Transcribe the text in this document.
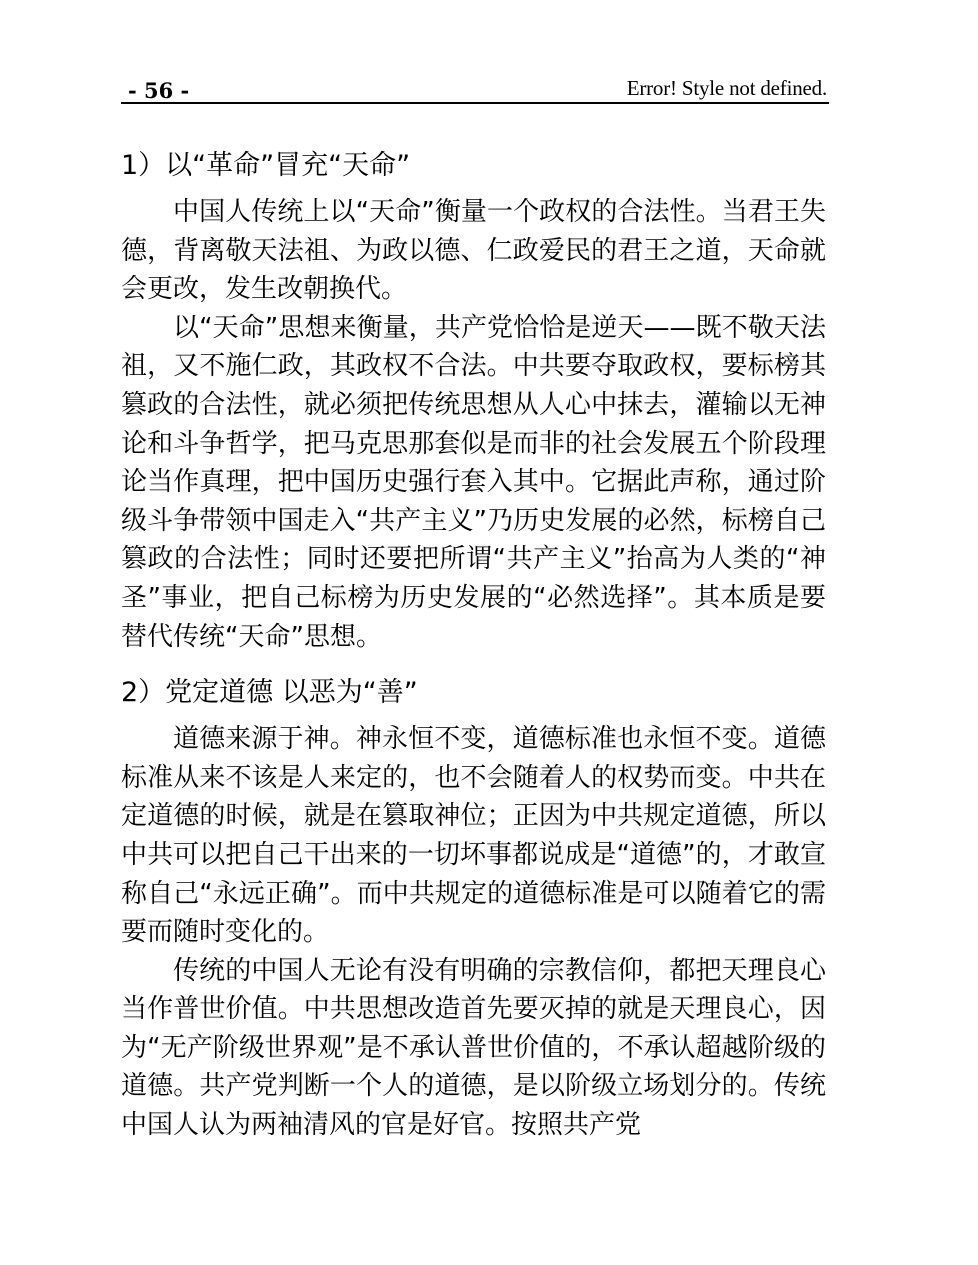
- 56 -	Error! Style not defined.
1）以“革命”冒充“天命”

中国人传统上以“天命”衡量一个政权的合法性。当君王失德，背离敬天法祖、为政以德、仁政爱民的君王之道，天命就会更改，发生改朝换代。

以“天命”思想来衡量，共产党恰恰是逆天——既不敬天法祖，又不施仁政，其政权不合法。中共要夺取政权，要标榜其篡政的合法性，就必须把传统思想从人心中抹去，灌输以无神论和斗争哲学，把马克思那套似是而非的社会发展五个阶段理论当作真理，把中国历史强行套入其中。它据此声称，通过阶级斗争带领中国走入“共产主义”乃历史发展的必然，标榜自己篡政的合法性；同时还要把所谓“共产主义”抬高为人类的“神圣”事业，把自己标榜为历史发展的“必然选择”。其本质是要替代传统“天命”思想。

2）党定道德 以恶为“善”

道德来源于神。神永恒不变，道德标准也永恒不变。道德标准从来不该是人来定的，也不会随着人的权势而变。中共在定道德的时候，就是在篡取神位；正因为中共规定道德，所以中共可以把自己干出来的一切坏事都说成是“道德”的，才敢宣称自己“永远正确”。而中共规定的道德标准是可以随着它的需要而随时变化的。

传统的中国人无论有没有明确的宗教信仰，都把天理良心当作普世价值。中共思想改造首先要灭掉的就是天理良心，因为“无产阶级世界观”是不承认普世价值的，不承认超越阶级的道德。共产党判断一个人的道德，是以阶级立场划分的。传统中国人认为两袖清风的官是好官。按照共产党
